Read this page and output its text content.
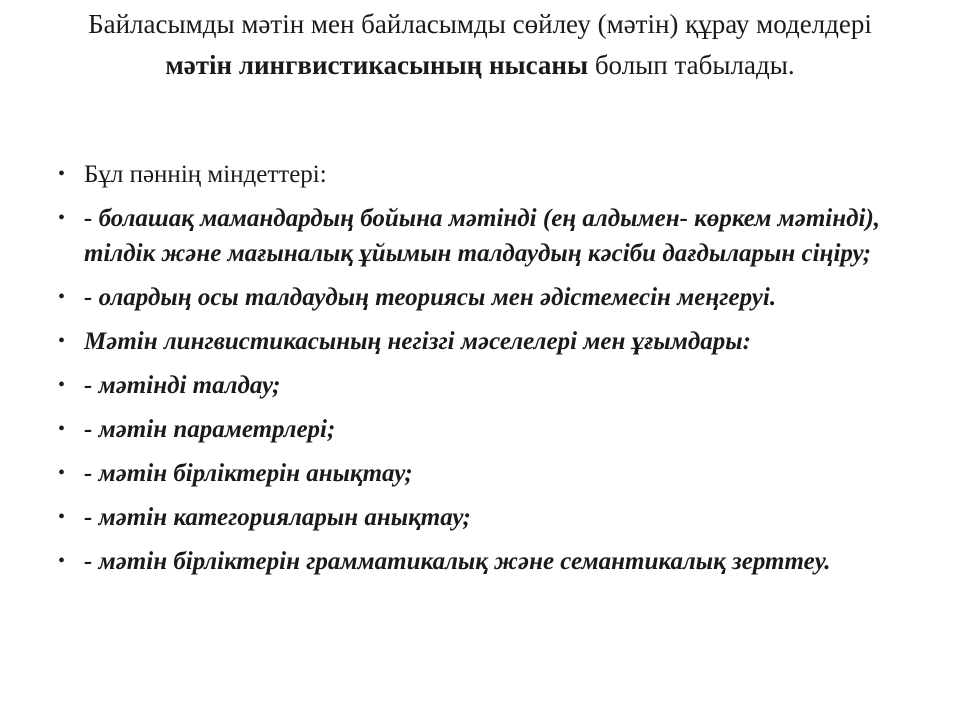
Байласымды мәтін мен байласымды сөйлеу (мәтін) құрау моделдері мәтін лингвистикасының нысаны болып табылады.
• Бұл пәннің міндеттері:
• - болашақ мамандардың бойына мәтінді (ең алдымен- көркем мәтінді), тілдік және мағыналық ұйымын талдаудың кәсіби дағдыларын сіңіру;
• - олардың осы талдаудың теориясы мен әдістемесін меңгеруі.
• Мәтін лингвистикасының негізгі мәселелері мен ұғымдары:
• - мәтінді талдау;
• - мәтін параметрлері;
• - мәтін бірліктерін анықтау;
• - мәтін категорияларын анықтау;
• - мәтін бірліктерін грамматикалық және семантикалық зерттеу.
